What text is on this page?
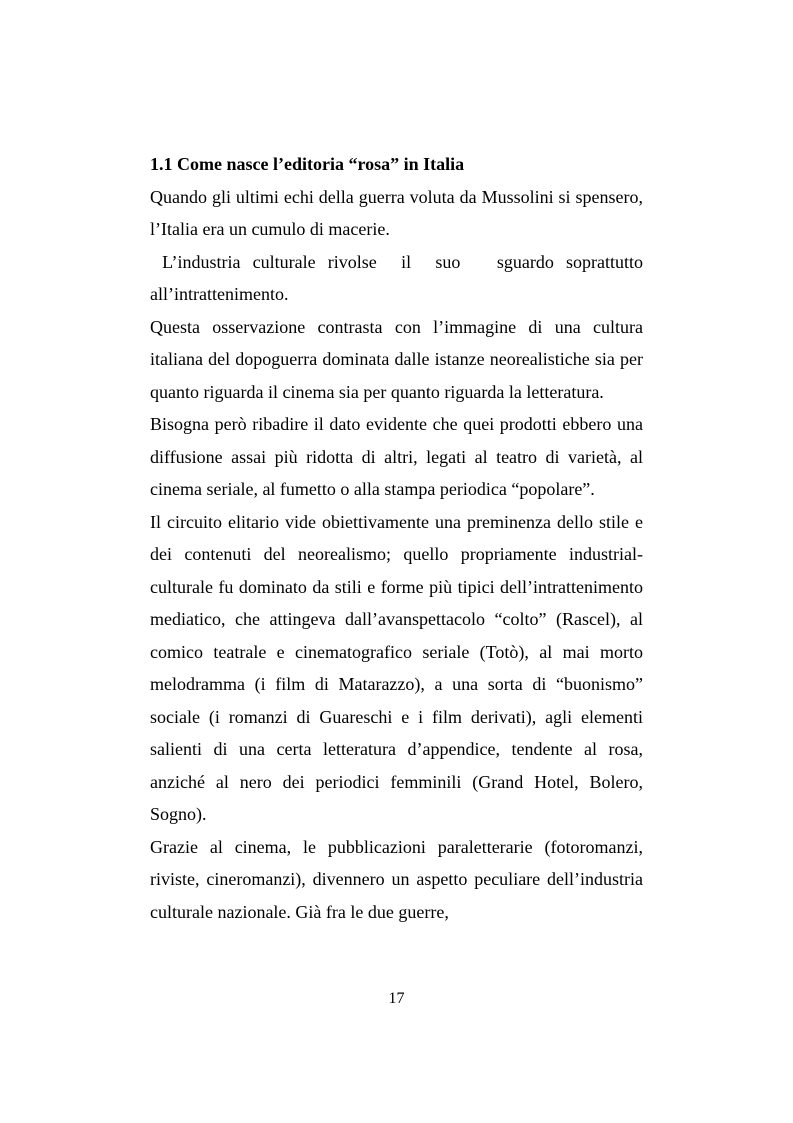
1.1 Come nasce l’editoria “rosa” in Italia

Quando gli ultimi echi della guerra voluta da Mussolini si spensero, l’Italia era un cumulo di macerie.

L’industria culturale rivolse  il  suo   sguardo soprattutto all’intrattenimento.

Questa osservazione contrasta con l’immagine di una cultura italiana del dopoguerra dominata dalle istanze neorealistiche sia per quanto riguarda il cinema sia per quanto riguarda la letteratura.

Bisogna però ribadire il dato evidente che quei prodotti ebbero una diffusione assai più ridotta di altri, legati al teatro di varietà, al cinema seriale, al fumetto o alla stampa periodica “popolare”.

Il circuito elitario vide obiettivamente una preminenza dello stile e dei contenuti del neorealismo; quello propriamente industrial-culturale fu dominato da stili e forme più tipici dell’intrattenimento mediatico, che attingeva dall’avanspettacolo “colto” (Rascel), al comico teatrale e cinematografico seriale (Totò), al mai morto melodramma (i film di Matarazzo), a una sorta di “buonismo” sociale (i romanzi di Guareschi e i film derivati), agli elementi salienti di una certa letteratura d’appendice, tendente al rosa, anziché al nero dei periodici femminili (Grand Hotel, Bolero, Sogno).

Grazie al cinema, le pubblicazioni paraletterarie (fotoromanzi, riviste, cineromanzi), divennero un aspetto peculiare dell’industria culturale nazionale. Già fra le due guerre,

17
